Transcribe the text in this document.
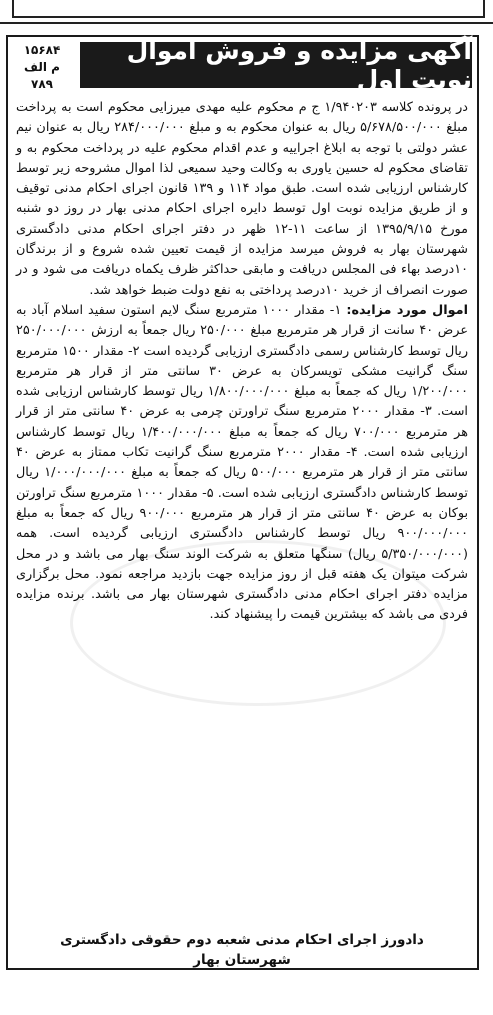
آگهی مزایده و فروش اموال نوبت اول
۱۵۶۸۴
م الف
۷۸۹

در پرونده کلاسه ۱/۹۴۰۲۰۳ ج م محکوم علیه مهدی میرزایی محکوم است به پرداخت مبلغ ۵/۶۷۸/۵۰۰/۰۰۰ ریال به عنوان محکوم به و مبلغ ۲۸۴/۰۰۰/۰۰۰ ریال به عنوان نیم عشر دولتی با توجه به ابلاغ اجراییه و عدم اقدام محکوم علیه در پرداخت محکوم به و تقاضای محکوم له حسین یاوری به وکالت وحید سمیعی لذا اموال مشروحه زیر توسط کارشناس ارزیابی شده است. طبق مواد ۱۱۴ و ۱۳۹ قانون اجرای احکام مدنی توقیف و از طریق مزایده نوبت اول توسط دایره اجرای احکام مدنی بهار در روز دو شنبه مورخ ۱۳۹۵/۹/۱۵ از ساعت ۱۱-۱۲ ظهر در دفتر اجرای احکام مدنی دادگستری شهرستان بهار به فروش میرسد مزایده از قیمت تعیین شده شروع و از برندگان ۱۰درصد بهاء فی المجلس دریافت و مابقی حداکثر ظرف یکماه دریافت می شود و در صورت انصراف از خرید ۱۰درصد پرداختی به نفع دولت ضبط خواهد شد.

اموال مورد مزایده: ۱- مقدار ۱۰۰۰ مترمربع سنگ لایم استون سفید اسلام آباد به عرض ۴۰ سانت از قرار هر مترمربع مبلغ ۲۵۰/۰۰۰ ریال جمعاً به ارزش ۲۵۰/۰۰۰/۰۰۰ ریال توسط کارشناس رسمی دادگستری ارزیابی گردیده است ۲- مقدار ۱۵۰۰ مترمربع سنگ گرانیت مشکی تویسرکان به عرض ۳۰ سانتی متر از قرار هر مترمربع ۱/۲۰۰/۰۰۰ ریال که جمعاً به مبلغ ۱/۸۰۰/۰۰۰/۰۰۰ ریال توسط کارشناس ارزیابی شده است. ۳- مقدار ۲۰۰۰ مترمربع سنگ تراورتن چرمی به عرض ۴۰ سانتی متر از قرار هر مترمربع ۷۰۰/۰۰۰ ریال که جمعاً به مبلغ ۱/۴۰۰/۰۰۰/۰۰۰ ریال توسط کارشناس ارزیابی شده است. ۴- مقدار ۲۰۰۰ مترمربع سنگ گرانیت تکاب ممتاز به عرض ۴۰ سانتی متر از قرار هر مترمربع ۵۰۰/۰۰۰ ریال که جمعاً به مبلغ ۱/۰۰۰/۰۰۰/۰۰۰ ریال توسط کارشناس دادگستری ارزیابی شده است. ۵- مقدار ۱۰۰۰ مترمربع سنگ تراورتن بوکان به عرض ۴۰ سانتی متر از قرار هر مترمربع ۹۰۰/۰۰۰ ریال که جمعاً به مبلغ ۹۰۰/۰۰۰/۰۰۰ ریال توسط کارشناس دادگستری ارزیابی گردیده است. همه (۵/۳۵۰/۰۰۰/۰۰۰ ریال) سنگها متعلق به شرکت الوند سنگ بهار می باشد و در محل شرکت میتوان یک هفته قبل از روز مزایده جهت بازدید مراجعه نمود. محل برگزاری مزایده دفتر اجرای احکام مدنی دادگستری شهرستان بهار می باشد. برنده مزایده فردی می باشد که بیشترین قیمت را پیشنهاد کند.

دادورز اجرای احکام مدنی شعبه دوم حقوقی دادگستری
شهرستان بهار
